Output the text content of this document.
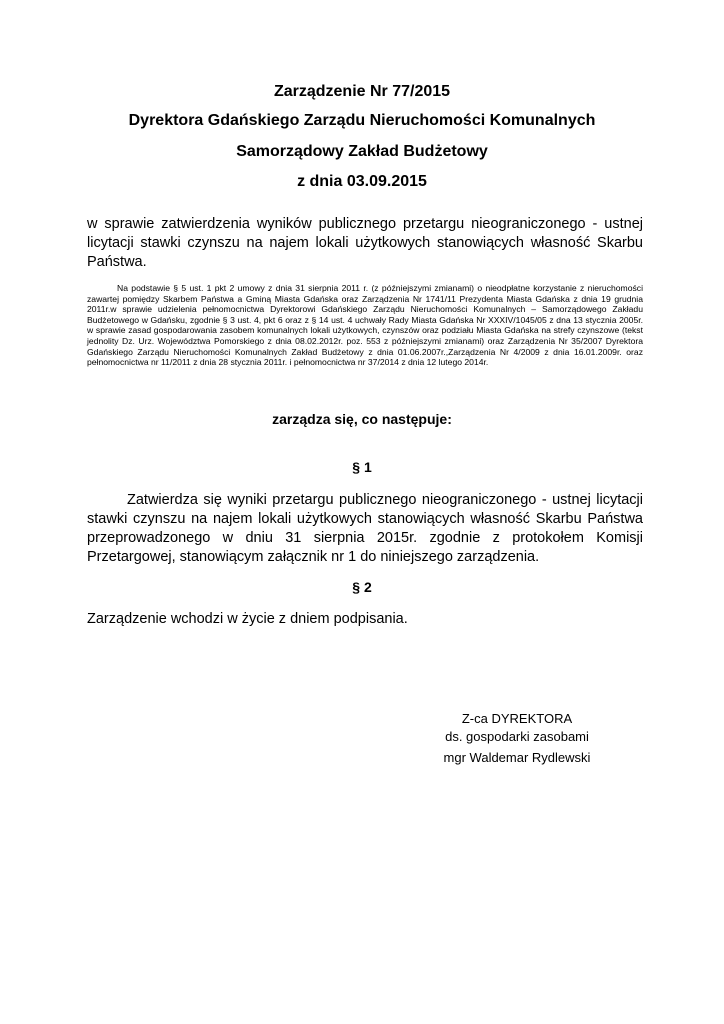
Zarządzenie Nr 77/2015

Dyrektora Gdańskiego Zarządu Nieruchomości Komunalnych

Samorządowy Zakład Budżetowy

z dnia 03.09.2015

w sprawie zatwierdzenia wyników publicznego przetargu nieograniczonego - ustnej licytacji stawki czynszu na najem lokali użytkowych stanowiących własność Skarbu Państwa.

Na podstawie § 5 ust. 1 pkt 2 umowy z dnia 31 sierpnia 2011 r. (z późniejszymi zmianami) o nieodpłatne korzystanie z nieruchomości zawartej pomiędzy Skarbem Państwa a Gminą Miasta Gdańska oraz Zarządzenia Nr 1741/11 Prezydenta Miasta Gdańska z dnia 19 grudnia 2011r.w sprawie udzielenia pełnomocnictwa Dyrektorowi Gdańskiego Zarządu Nieruchomości Komunalnych – Samorządowego Zakładu Budżetowego w Gdańsku, zgodnie § 3 ust. 4, pkt 6 oraz z § 14 ust. 4 uchwały Rady Miasta Gdańska Nr XXXIV/1045/05 z dna 13 stycznia 2005r. w sprawie zasad gospodarowania zasobem komunalnych lokali użytkowych, czynszów oraz podziału Miasta Gdańska na strefy czynszowe (tekst jednolity Dz. Urz. Województwa Pomorskiego z dnia 08.02.2012r. poz. 553 z późniejszymi zmianami) oraz Zarządzenia Nr 35/2007 Dyrektora Gdańskiego Zarządu Nieruchomości Komunalnych Zakład Budżetowy z dnia 01.06.2007r.,Zarządzenia Nr 4/2009 z dnia 16.01.2009r. oraz pełnomocnictwa nr 11/2011 z dnia 28 stycznia 2011r. i pełnomocnictwa nr 37/2014 z dnia 12 lutego 2014r.

zarządza się, co następuje:

§ 1

Zatwierdza się wyniki przetargu publicznego nieograniczonego - ustnej licytacji stawki czynszu na najem lokali użytkowych stanowiących własność Skarbu Państwa przeprowadzonego w dniu 31 sierpnia 2015r. zgodnie z protokołem Komisji Przetargowej, stanowiącym załącznik nr 1 do niniejszego zarządzenia.

§ 2

Zarządzenie wchodzi w życie z dniem podpisania.

Z-ca DYREKTORA

ds. gospodarki zasobami

mgr Waldemar Rydlewski
